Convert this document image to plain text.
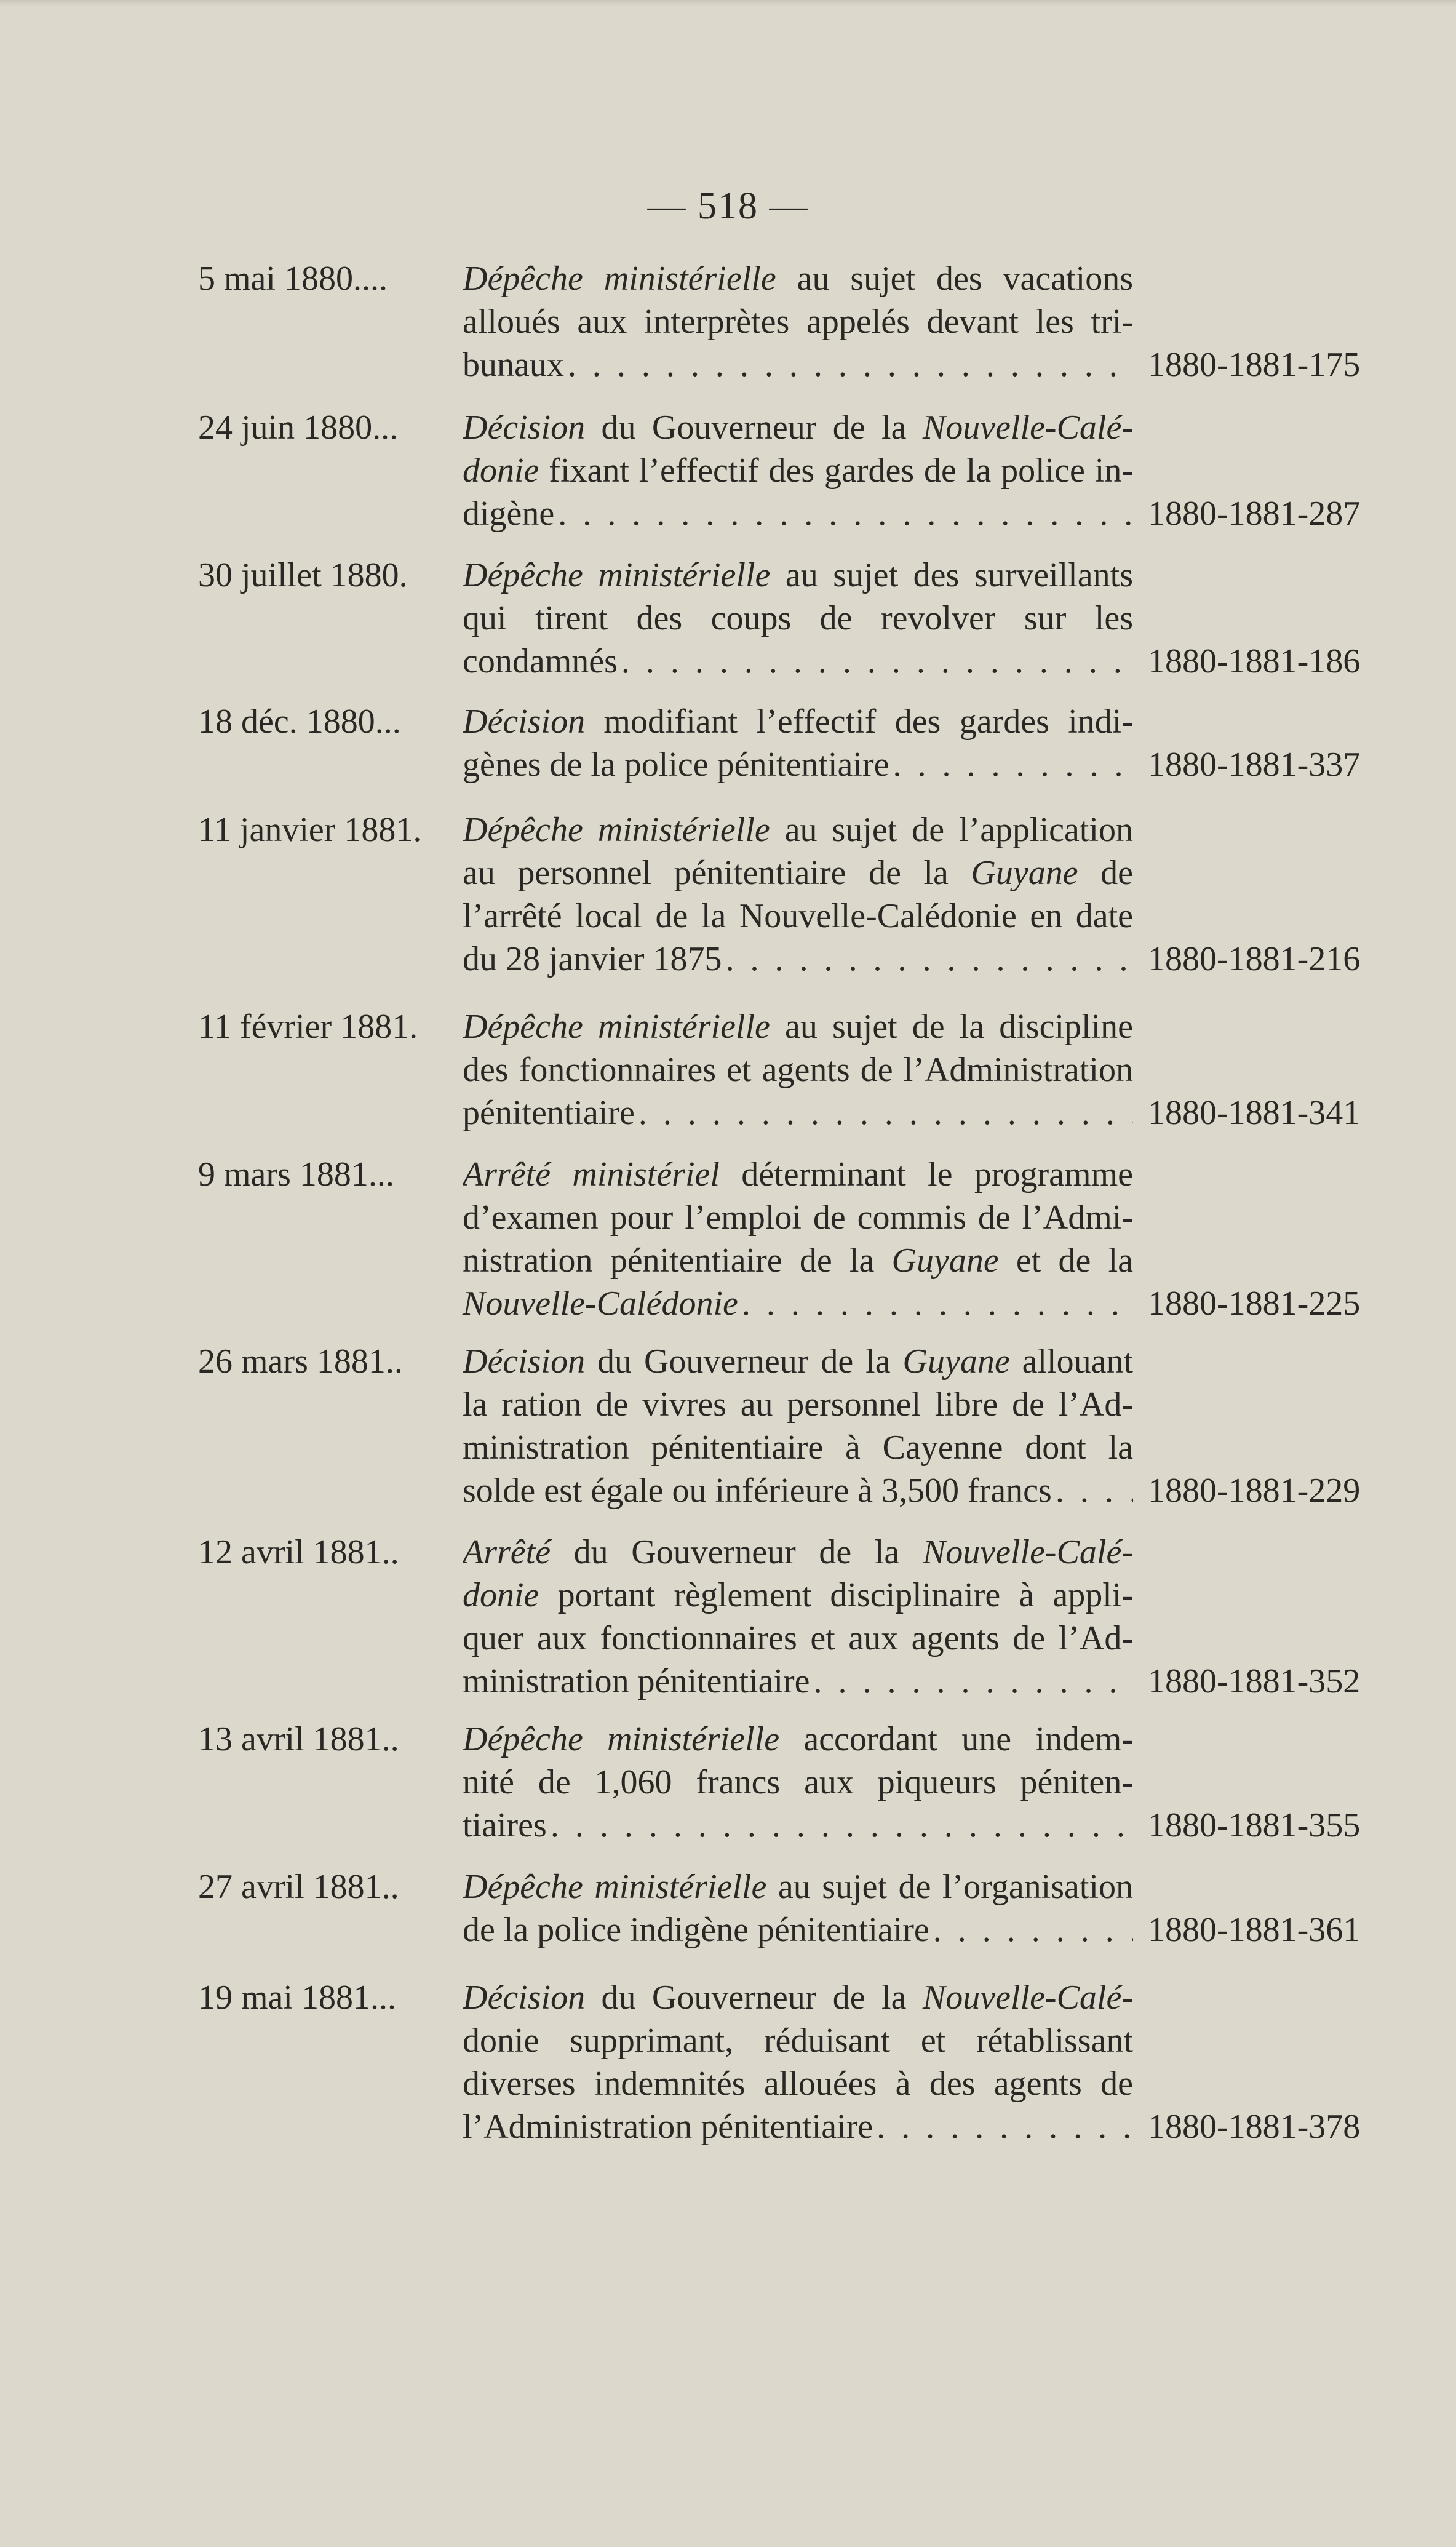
— 518 —
5 mai 1880.... Dépêche ministérielle au sujet des vacations
alloués aux interprètes appelés devant les tri-
bunaux . . .	1880-1881-175
24 juin 1880... Décision du Gouverneur de la Nouvelle-Calé-
donie fixant l’effectif des gardes de la police in-
digène . . .	1880-1881-287
30 juillet 1880. Dépêche ministérielle au sujet des surveillants
qui tirent des coups de revolver sur les
condamnés . . .	1880-1881-186
18 déc. 1880... Décision modifiant l’effectif des gardes indi-
gènes de la police pénitentiaire . . .	1880-1881-337
11 janvier 1881. Dépêche ministérielle au sujet de l’application
au personnel pénitentiaire de la Guyane de
l’arrêté local de la Nouvelle-Calédonie en date
du 28 janvier 1875 . . .	1880-1881-216
11 février 1881. Dépêche ministérielle au sujet de la discipline
des fonctionnaires et agents de l’Administration
pénitentiaire . . .	1880-1881-341
9 mars 1881... Arrêté ministériel déterminant le programme
d’examen pour l’emploi de commis de l’Admi-
nistration pénitentiaire de la Guyane et de la
Nouvelle-Calédonie . . .	1880-1881-225
26 mars 1881.. Décision du Gouverneur de la Guyane allouant
la ration de vivres au personnel libre de l’Ad-
ministration pénitentiaire à Cayenne dont la
solde est égale ou inférieure à 3,500 francs . . .	1880-1881-229
12 avril 1881.. Arrêté du Gouverneur de la Nouvelle-Calé-
donie portant règlement disciplinaire à appli-
quer aux fonctionnaires et aux agents de l’Ad-
ministration pénitentiaire . . .	1880-1881-352
13 avril 1881.. Dépêche ministérielle accordant une indem-
nité de 1,060 francs aux piqueurs péniten-
tiaires . . .	1880-1881-355
27 avril 1881.. Dépêche ministérielle au sujet de l’organisation
de la police indigène pénitentiaire . . .	1880-1881-361
19 mai 1881... Décision du Gouverneur de la Nouvelle-Calé-
donie supprimant, réduisant et rétablissant
diverses indemnités allouées à des agents de
l’Administration pénitentiaire . . .	1880-1881-378
